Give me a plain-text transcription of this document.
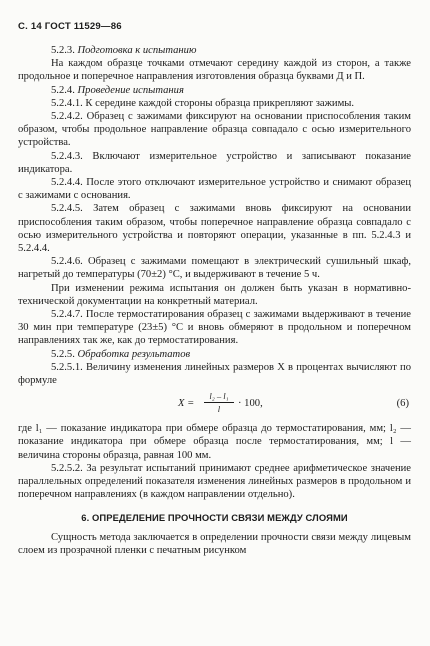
С. 14 ГОСТ 11529—86

5.2.3. Подготовка к испытанию

На каждом образце точками отмечают середину каждой из сторон, а также продольное и поперечное направления изготовления образца буквами Д и П.

5.2.4. Проведение испытания

5.2.4.1. К середине каждой стороны образца прикрепляют зажимы.

5.2.4.2. Образец с зажимами фиксируют на основании приспособления таким образом, чтобы продольное направление образца совпадало с осью измерительного устройства.

5.2.4.3. Включают измерительное устройство и записывают показание индикатора.

5.2.4.4. После этого отключают измерительное устройство и снимают образец с зажимами с основания.

5.2.4.5. Затем образец с зажимами вновь фиксируют на основании приспособления таким образом, чтобы поперечное направление образца совпадало с осью измерительного устройства и повторяют операции, указанные в пп. 5.2.4.3 и 5.2.4.4.

5.2.4.6. Образец с зажимами помещают в электрический сушильный шкаф, нагретый до температуры (70±2) °С, и выдерживают в течение 5 ч.

При изменении режима испытания он должен быть указан в нормативно-технической документации на конкретный материал.

5.2.4.7. После термостатирования образец с зажимами выдерживают в течение 30 мин при температуре (23±5) °С и вновь обмеряют в продольном и поперечном направлениях так же, как до термостатирования.

5.2.5. Обработка результатов

5.2.5.1. Величину изменения линейных размеров X в процентах вычисляют по формуле

$X = \frac{\text{l₂ – l₁}}{l} \cdot 100$,	(6)

где l₁ — показание индикатора при обмере образца до термостатирования, мм; l₂ — показание индикатора при обмере образца после термостатирования, мм; l — величина стороны образца, равная 100 мм.

5.2.5.2. За результат испытаний принимают среднее арифметическое значение параллельных определений показателя изменения линейных размеров в продольном и поперечном направлениях (в каждом направлении отдельно).

6. ОПРЕДЕЛЕНИЕ ПРОЧНОСТИ СВЯЗИ МЕЖДУ СЛОЯМИ

Сущность метода заключается в определении прочности связи между лицевым слоем из прозрачной пленки с печатным рисунком
